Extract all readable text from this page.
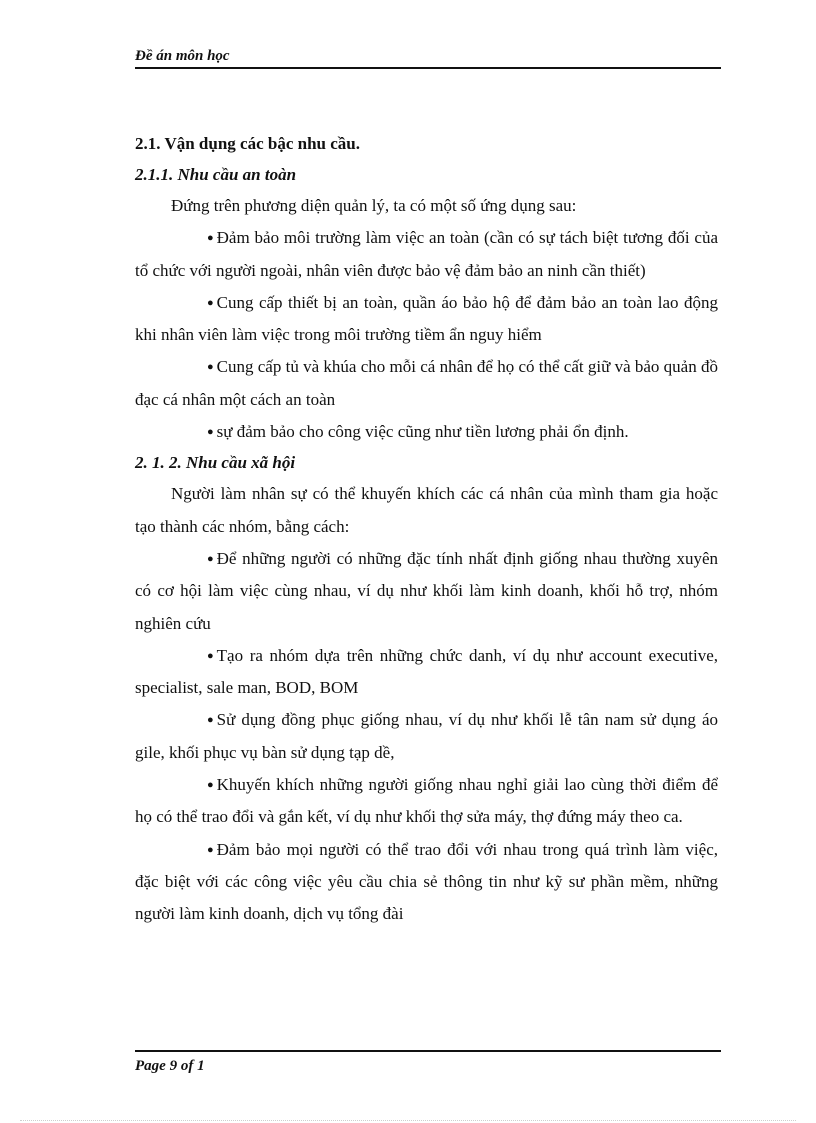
Đề án môn học
2.1. Vận dụng các bậc nhu cầu.
2.1.1. Nhu cầu an toàn

Đứng trên phương diện quản lý, ta có một số ứng dụng sau:

● Đảm bảo môi trường làm việc an toàn (cần có sự tách biệt tương đối của tổ chức với người ngoài, nhân viên được bảo vệ đảm bảo an ninh cần thiết)

● Cung cấp thiết bị an toàn, quần áo bảo hộ để đảm bảo an toàn lao động khi nhân viên làm việc trong môi trường tiềm ẩn nguy hiểm

● Cung cấp tủ và khúa cho mỗi cá nhân để họ có thể cất giữ và bảo quản đồ đạc cá nhân một cách an toàn

● sự đảm bảo cho công việc cũng như tiền lương phải ổn định.

2. 1. 2. Nhu cầu xã hội

Người làm nhân sự có thể khuyến khích các cá nhân của mình tham gia hoặc tạo thành các nhóm, bằng cách:

● Để những người có những đặc tính nhất định giống nhau thường xuyên có cơ hội làm việc cùng nhau, ví dụ như khối làm kinh doanh, khối hỗ trợ, nhóm nghiên cứu

● Tạo ra nhóm dựa trên những chức danh, ví dụ như account executive, specialist, sale man, BOD, BOM

● Sử dụng đồng phục giống nhau, ví dụ như khối lễ tân nam sử dụng áo gile, khối phục vụ bàn sử dụng tạp dề,

● Khuyến khích những người giống nhau nghỉ giải lao cùng thời điểm để họ có thể trao đổi và gắn kết, ví dụ như khối thợ sửa máy, thợ đứng máy theo ca.

● Đảm bảo mọi người có thể trao đổi với nhau trong quá trình làm việc, đặc biệt với các công việc yêu cầu chia sẻ thông tin như kỹ sư phần mềm, những người làm kinh doanh, dịch vụ tổng đài

Page 9 of 1
